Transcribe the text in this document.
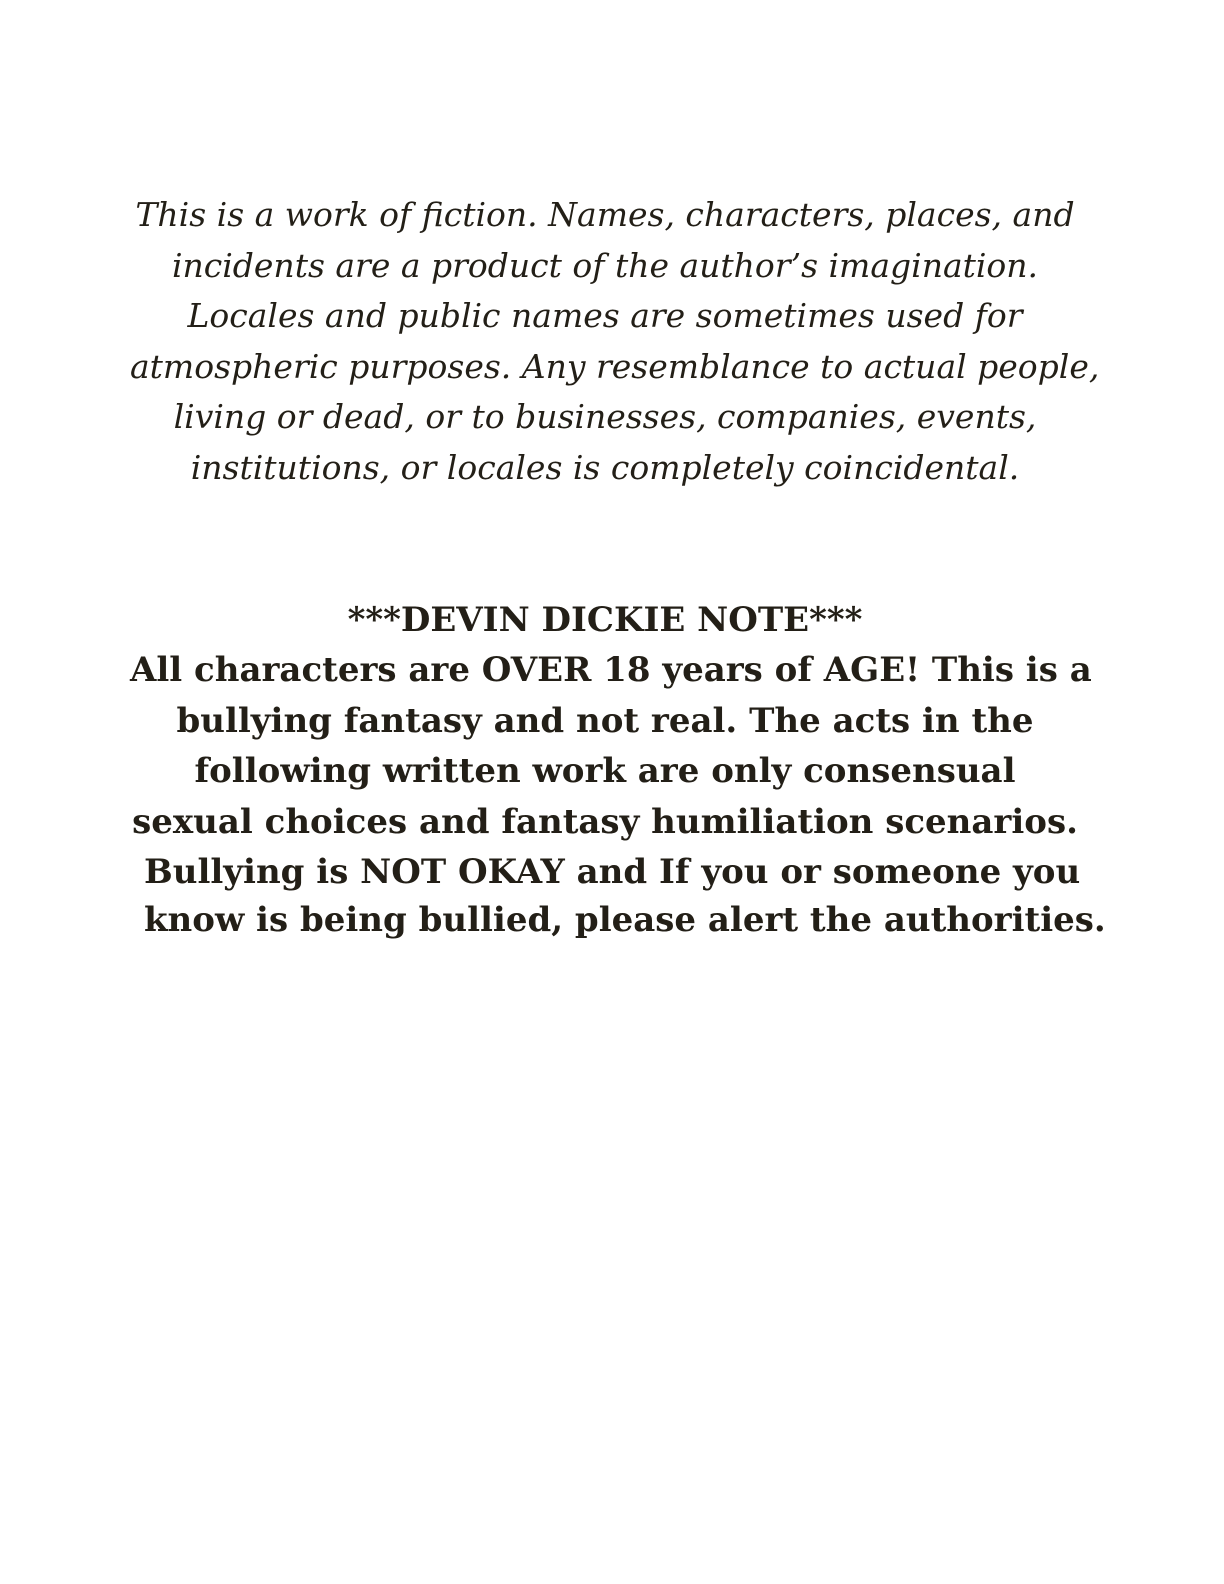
This is a work of fiction. Names, characters, places, and
incidents are a product of the author’s imagination.
Locales and public names are sometimes used for
atmospheric purposes. Any resemblance to actual people,
living or dead, or to businesses, companies, events,
institutions, or locales is completely coincidental.
***DEVIN DICKIE NOTE***
All characters are OVER 18 years of AGE! This is a
bullying fantasy and not real. The acts in the
following written work are only consensual
sexual choices and fantasy humiliation scenarios.
Bullying is NOT OKAY and If you or someone you
know is being bullied, please alert the authorities.
